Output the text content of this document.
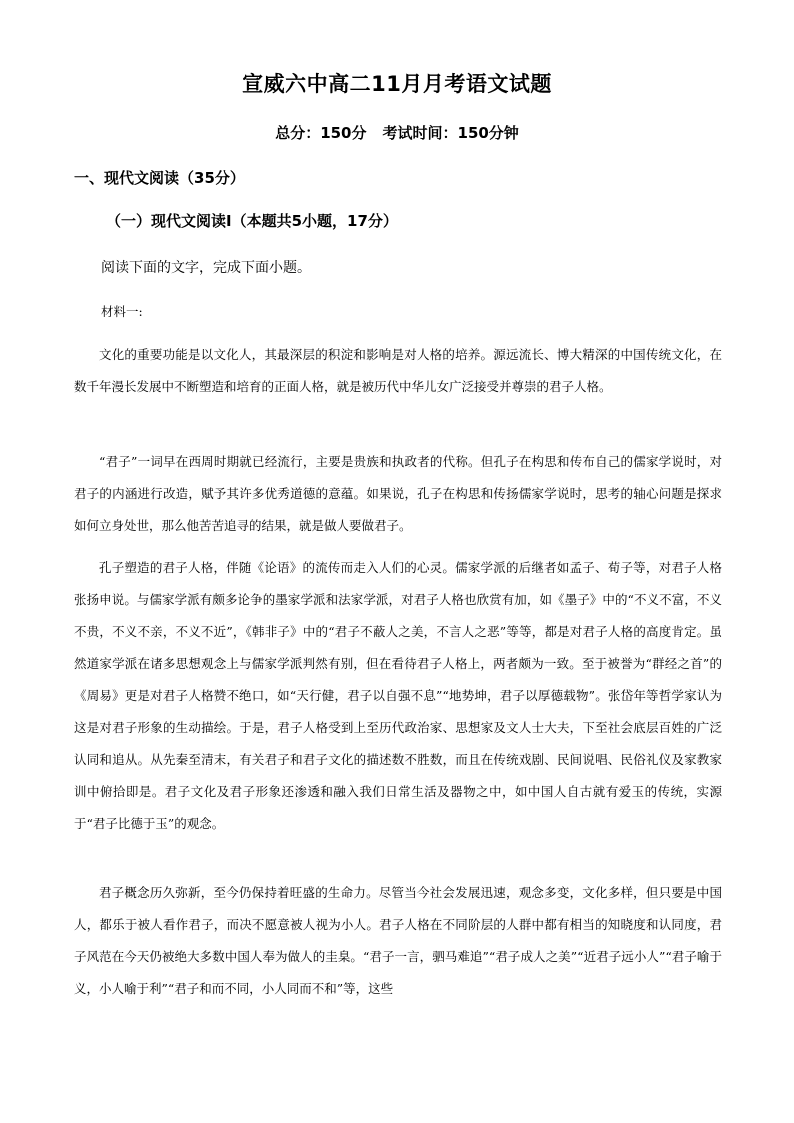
宣威六中高二11月月考语文试题
总分：150分 考试时间：150分钟
一、现代文阅读（35分）
（一）现代文阅读Ⅰ（本题共5小题，17分）
阅读下面的文字，完成下面小题。
材料一:

文化的重要功能是以文化人，其最深层的积淀和影响是对人格的培养。源远流长、博大精深的中国传统文化，在数千年漫长发展中不断塑造和培育的正面人格，就是被历代中华儿女广泛接受并尊崇的君子人格。

“君子”一词早在西周时期就已经流行，主要是贵族和执政者的代称。但孔子在构思和传布自己的儒家学说时，对君子的内涵进行改造，赋予其许多优秀道德的意蕴。如果说，孔子在构思和传扬儒家学说时，思考的轴心问题是探求如何立身处世，那么他苦苦追寻的结果，就是做人要做君子。

孔子塑造的君子人格，伴随《论语》的流传而走入人们的心灵。儒家学派的后继者如孟子、荀子等，对君子人格张扬申说。与儒家学派有颇多论争的墨家学派和法家学派，对君子人格也欣赏有加，如《墨子》中的“不义不富，不义不贵，不义不亲，不义不近”，《韩非子》中的“君子不蔽人之美，不言人之恶”等等，都是对君子人格的高度肯定。虽然道家学派在诸多思想观念上与儒家学派判然有别，但在看待君子人格上，两者颇为一致。至于被誉为“群经之首”的《周易》更是对君子人格赞不绝口，如“天行健，君子以自强不息”“地势坤，君子以厚德载物”。张岱年等哲学家认为这是对君子形象的生动描绘。于是，君子人格受到上至历代政治家、思想家及文人士大夫，下至社会底层百姓的广泛认同和追从。从先秦至清末，有关君子和君子文化的描述数不胜数，而且在传统戏剧、民间说唱、民俗礼仪及家教家训中俯拾即是。君子文化及君子形象还渗透和融入我们日常生活及器物之中，如中国人自古就有爱玉的传统，实源于“君子比德于玉”的观念。

君子概念历久弥新，至今仍保持着旺盛的生命力。尽管当今社会发展迅速，观念多变，文化多样，但只要是中国人，都乐于被人看作君子，而决不愿意被人视为小人。君子人格在不同阶层的人群中都有相当的知晓度和认同度，君子风范在今天仍被绝大多数中国人奉为做人的圭臬。“君子一言，驷马难追”“君子成人之美”“近君子远小人”“君子喻于义，小人喻于利”“君子和而不同，小人同而不和”等，这些
